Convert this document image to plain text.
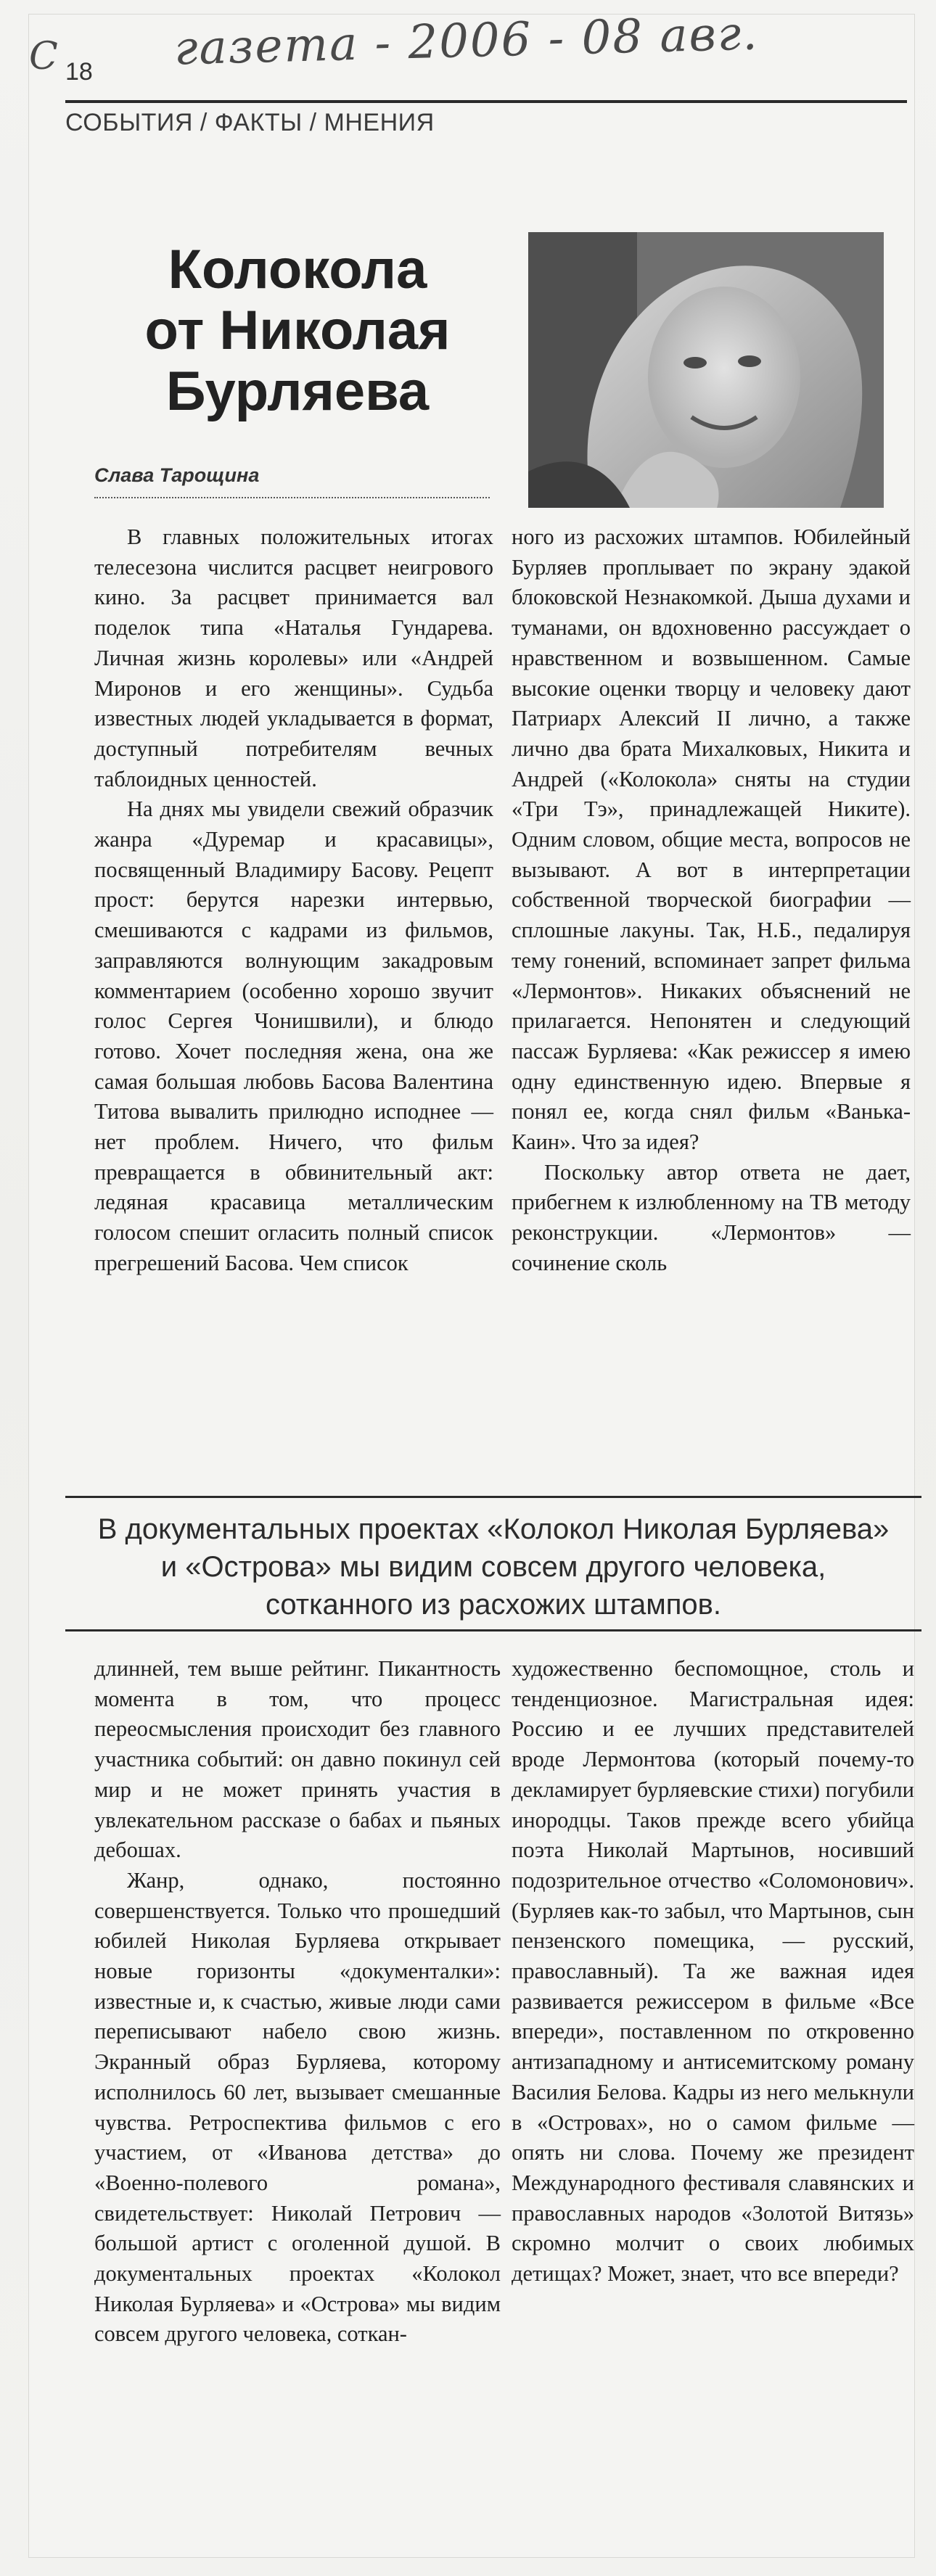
С газета - 2006 - 08 авг.
18
СОБЫТИЯ / ФАКТЫ / МНЕНИЯ
Колокола
от Николая
Бурляева
Слава Тарощина

В главных положительных итогах телесезона числится расцвет неигрового кино. За расцвет принимается вал поделок типа «Наталья Гундарева. Личная жизнь королевы» или «Андрей Миронов и его женщины». Судьба известных людей укладывается в формат, доступный потребителям вечных таблоидных ценностей.

На днях мы увидели свежий образчик жанра «Дуремар и красавицы», посвященный Владимиру Басову. Рецепт прост: берутся нарезки интервью, смешиваются с кадрами из фильмов, заправляются волнующим закадровым комментарием (особенно хорошо звучит голос Сергея Чонишвили), и блюдо готово. Хочет последняя жена, она же самая большая любовь Басова Валентина Титова вывалить прилюдно исподнее — нет проблем. Ничего, что фильм превращается в обвинительный акт: ледяная красавица металлическим голосом спешит огласить полный список прегрешений Басова. Чем список

ного из расхожих штампов. Юбилейный Бурляев проплывает по экрану эдакой блоковской Незнакомкой. Дыша духами и туманами, он вдохновенно рассуждает о нравственном и возвышенном. Самые высокие оценки творцу и человеку дают Патриарх Алексий II лично, а также лично два брата Михалковых, Никита и Андрей («Колокола» сняты на студии «Три Тэ», принадлежащей Никите). Одним словом, общие места, вопросов не вызывают. А вот в интерпретации собственной творческой биографии — сплошные лакуны. Так, Н.Б., педалируя тему гонений, вспоминает запрет фильма «Лермонтов». Никаких объяснений не прилагается. Непонятен и следующий пассаж Бурляева: «Как режиссер я имею одну единственную идею. Впервые я понял ее, когда снял фильм «Ванька-Каин». Что за идея?

Поскольку автор ответа не дает, прибегнем к излюбленному на ТВ методу реконструкции. «Лермонтов» — сочинение сколь

В документальных проектах «Колокол Николая Бурляева»

и «Острова» мы видим совсем другого человека,

сотканного из расхожих штампов.

длинней, тем выше рейтинг. Пикантность момента в том, что процесс переосмысления происходит без главного участника событий: он давно покинул сей мир и не может принять участия в увлекательном рассказе о бабах и пьяных дебошах.

Жанр, однако, постоянно совершенствуется. Только что прошедший юбилей Николая Бурляева открывает новые горизонты «документалки»: известные и, к счастью, живые люди сами переписывают набело свою жизнь. Экранный образ Бурляева, которому исполнилось 60 лет, вызывает смешанные чувства. Ретроспектива фильмов с его участием, от «Иванова детства» до «Военно-полевого романа», свидетельствует: Николай Петрович — большой артист с оголенной душой. В документальных проектах «Колокол Николая Бурляева» и «Острова» мы видим совсем другого человека, соткан-

художественно беспомощное, столь и тенденциозное. Магистральная идея: Россию и ее лучших представителей вроде Лермонтова (который почему-то декламирует бурляевские стихи) погубили инородцы. Таков прежде всего убийца поэта Николай Мартынов, носивший подозрительное отчество «Соломонович». (Бурляев как-то забыл, что Мартынов, сын пензенского помещика, — русский, православный). Та же важная идея развивается режиссером в фильме «Все впереди», поставленном по откровенно антизападному и антисемитскому роману Василия Белова. Кадры из него мелькнули в «Островах», но о самом фильме — опять ни слова. Почему же президент Международного фестиваля славянских и православных народов «Золотой Витязь» скромно молчит о своих любимых детищах? Может, знает, что все впереди?
